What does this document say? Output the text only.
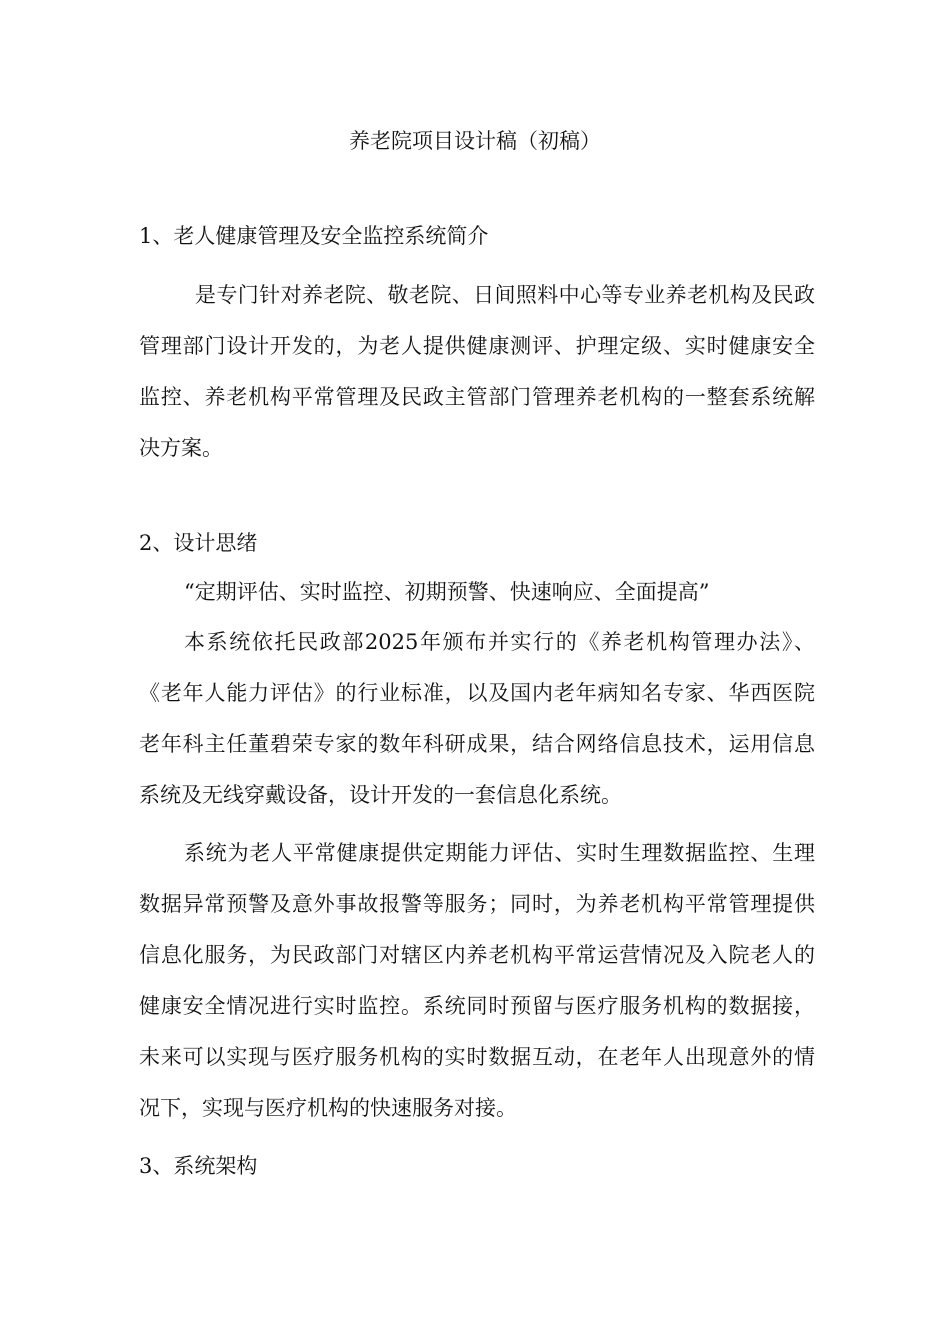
养老院项目设计稿（初稿）
1、老人健康管理及安全监控系统简介
是专门针对养老院、敬老院、日间照料中心等专业养老机构及民政
管理部门设计开发的，为老人提供健康测评、护理定级、实时健康安全
监控、养老机构平常管理及民政主管部门管理养老机构的一整套系统解
决方案。
2、设计思绪

“定期评估、实时监控、初期预警、快速响应、全面提高”

本系统依托民政部2025年颁布并实行的《养老机构管理办法》、
《老年人能力评估》的行业标准，以及国内老年病知名专家、华西医院
老年科主任董碧荣专家的数年科研成果，结合网络信息技术，运用信息
系统及无线穿戴设备，设计开发的一套信息化系统。
系统为老人平常健康提供定期能力评估、实时生理数据监控、生理
数据异常预警及意外事故报警等服务；同时，为养老机构平常管理提供
信息化服务，为民政部门对辖区内养老机构平常运营情况及入院老人的
健康安全情况进行实时监控。系统同时预留与医疗服务机构的数据接，
未来可以实现与医疗服务机构的实时数据互动，在老年人出现意外的情
况下，实现与医疗机构的快速服务对接。
3、系统架构
